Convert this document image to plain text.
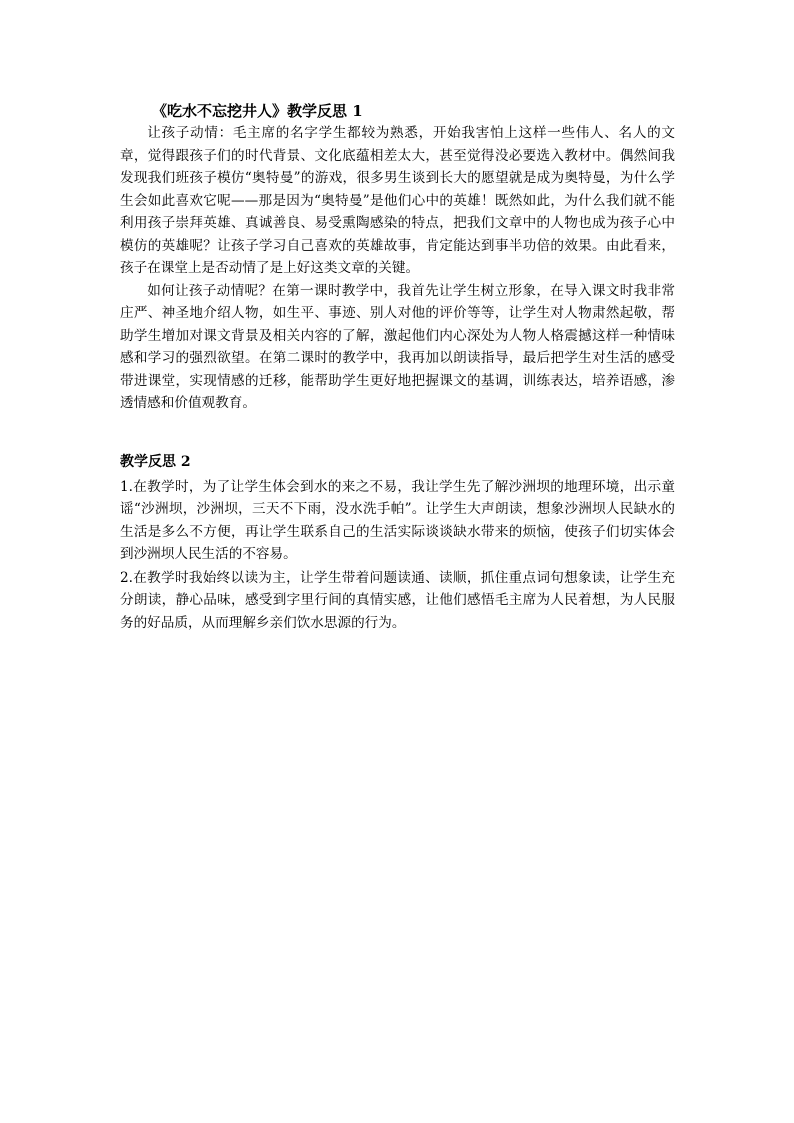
《吃水不忘挖井人》教学反思 1

让孩子动情：毛主席的名字学生都较为熟悉，开始我害怕上这样一些伟人、名人的文章，觉得跟孩子们的时代背景、文化底蕴相差太大，甚至觉得没必要选入教材中。偶然间我发现我们班孩子模仿“奥特曼”的游戏，很多男生谈到长大的愿望就是成为奥特曼，为什么学生会如此喜欢它呢——那是因为“奥特曼”是他们心中的英雄！既然如此，为什么我们就不能利用孩子崇拜英雄、真诚善良、易受熏陶感染的特点，把我们文章中的人物也成为孩子心中模仿的英雄呢？让孩子学习自己喜欢的英雄故事，肯定能达到事半功倍的效果。由此看来，孩子在课堂上是否动情了是上好这类文章的关键。

如何让孩子动情呢？在第一课时教学中，我首先让学生树立形象，在导入课文时我非常庄严、神圣地介绍人物，如生平、事迹、别人对他的评价等等，让学生对人物肃然起敬，帮助学生增加对课文背景及相关内容的了解，激起他们内心深处为人物人格震撼这样一种情味感和学习的强烈欲望。在第二课时的教学中，我再加以朗读指导，最后把学生对生活的感受带进课堂，实现情感的迁移，能帮助学生更好地把握课文的基调，训练表达，培养语感，渗透情感和价值观教育。

教学反思 2

1.在教学时，为了让学生体会到水的来之不易，我让学生先了解沙洲坝的地理环境，出示童谣“沙洲坝，沙洲坝，三天不下雨，没水洗手帕”。让学生大声朗读，想象沙洲坝人民缺水的生活是多么不方便，再让学生联系自己的生活实际谈谈缺水带来的烦恼，使孩子们切实体会到沙洲坝人民生活的不容易。

2.在教学时我始终以读为主，让学生带着问题读通、读顺，抓住重点词句想象读，让学生充分朗读，静心品味，感受到字里行间的真情实感，让他们感悟毛主席为人民着想，为人民服务的好品质，从而理解乡亲们饮水思源的行为。
